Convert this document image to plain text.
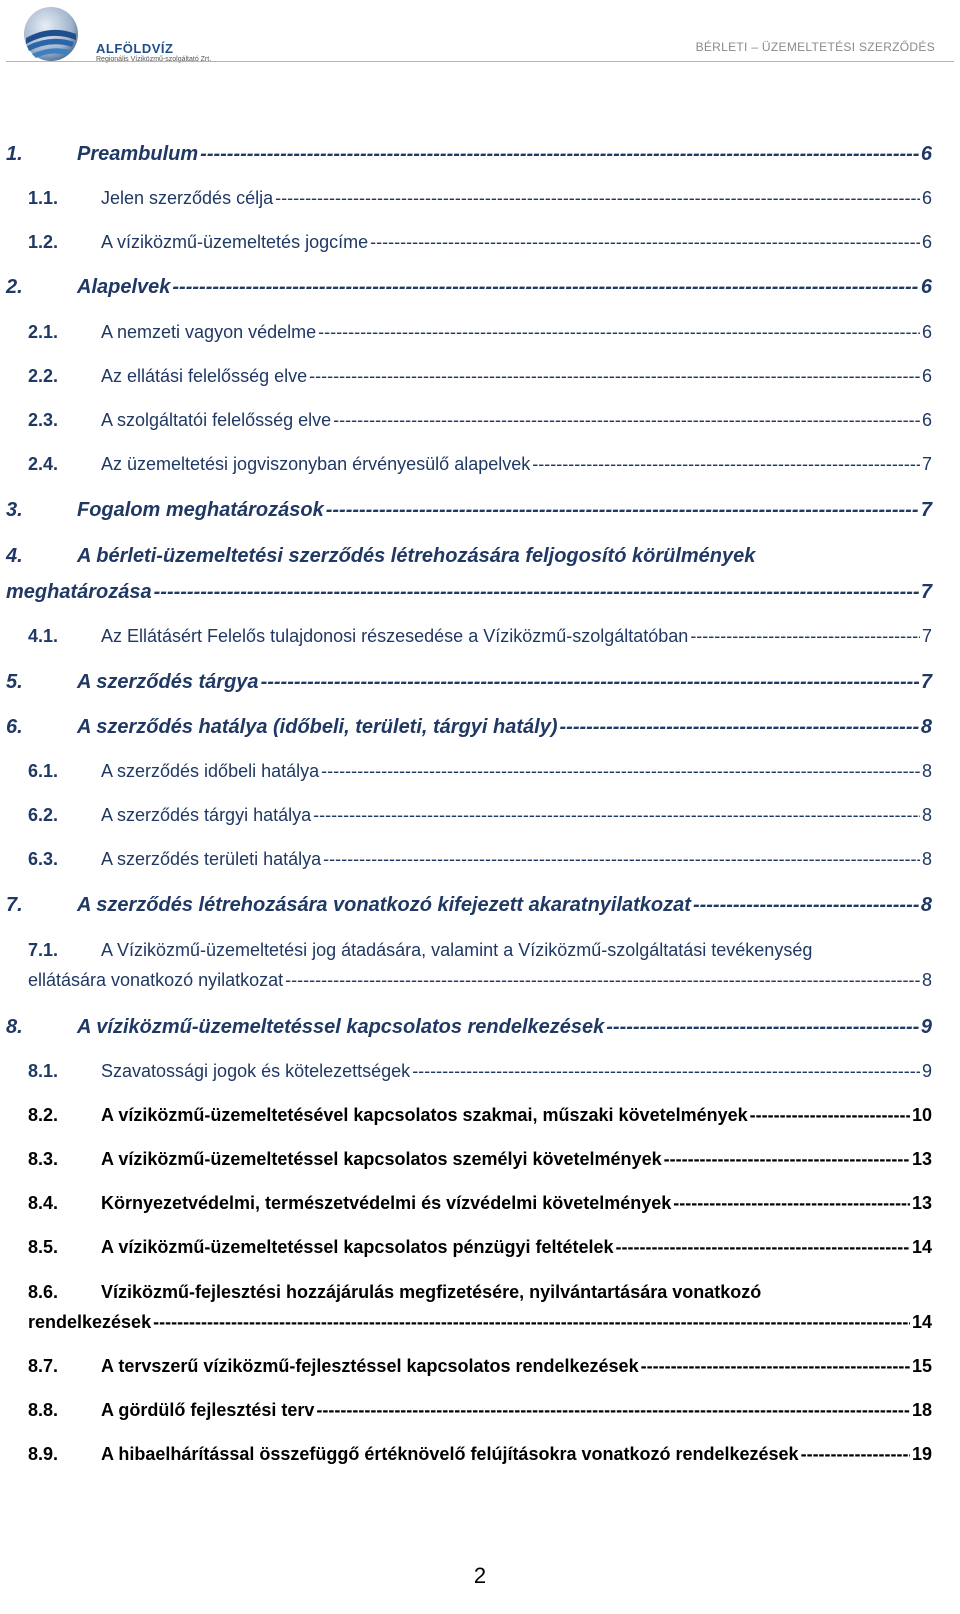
ALFÖLDVÍZ
Regionális Víziközmű-szolgáltató Zrt.
BÉRLETI – ÜZEMELTETÉSI SZERZŐDÉS
1.	Preambulum -----	6
1.1. Jelen szerződés célja -----	6
1.2. A víziközmű-üzemeltetés jogcíme -----	6
2.	Alapelvek -----	6
2.1. A nemzeti vagyon védelme -----	6
2.2. Az ellátási felelősség elve -----	6
2.3. A szolgáltatói felelősség elve -----	6
2.4. Az üzemeltetési jogviszonyban érvényesülő alapelvek -----	7
3.	Fogalom meghatározások -----	7
4.	A bérleti-üzemeltetési szerződés létrehozására feljogosító körülmények
meghatározása -----	7
4.1. Az Ellátásért Felelős tulajdonosi részesedése a Víziközmű-szolgáltatóban -----	7
5.	A szerződés tárgya -----	7
6.	A szerződés hatálya (időbeli, területi, tárgyi hatály) -----	8
6.1. A szerződés időbeli hatálya -----	8
6.2. A szerződés tárgyi hatálya -----	8
6.3. A szerződés területi hatálya -----	8
7.	A szerződés létrehozására vonatkozó kifejezett akaratnyilatkozat -----	8
7.1. A Víziközmű-üzemeltetési jog átadására, valamint a Víziközmű-szolgáltatási tevékenység
ellátására vonatkozó nyilatkozat -----	8
8.	A víziközmű-üzemeltetéssel kapcsolatos rendelkezések -----	9
8.1. Szavatossági jogok és kötelezettségek -----	9
8.2. A víziközmű-üzemeltetésével kapcsolatos szakmai, műszaki követelmények -----	10
8.3. A víziközmű-üzemeltetéssel kapcsolatos személyi követelmények -----	13
8.4. Környezetvédelmi, természetvédelmi és vízvédelmi követelmények -----	13
8.5. A víziközmű-üzemeltetéssel kapcsolatos pénzügyi feltételek -----	14
8.6. Víziközmű-fejlesztési hozzájárulás megfizetésére, nyilvántartására vonatkozó
rendelkezések -----	14
8.7. A tervszerű víziközmű-fejlesztéssel kapcsolatos rendelkezések -----	15
8.8. A gördülő fejlesztési terv -----	18
8.9. A hibaelhárítással összefüggő értéknövelő felújításokra vonatkozó rendelkezések -----	19
2
